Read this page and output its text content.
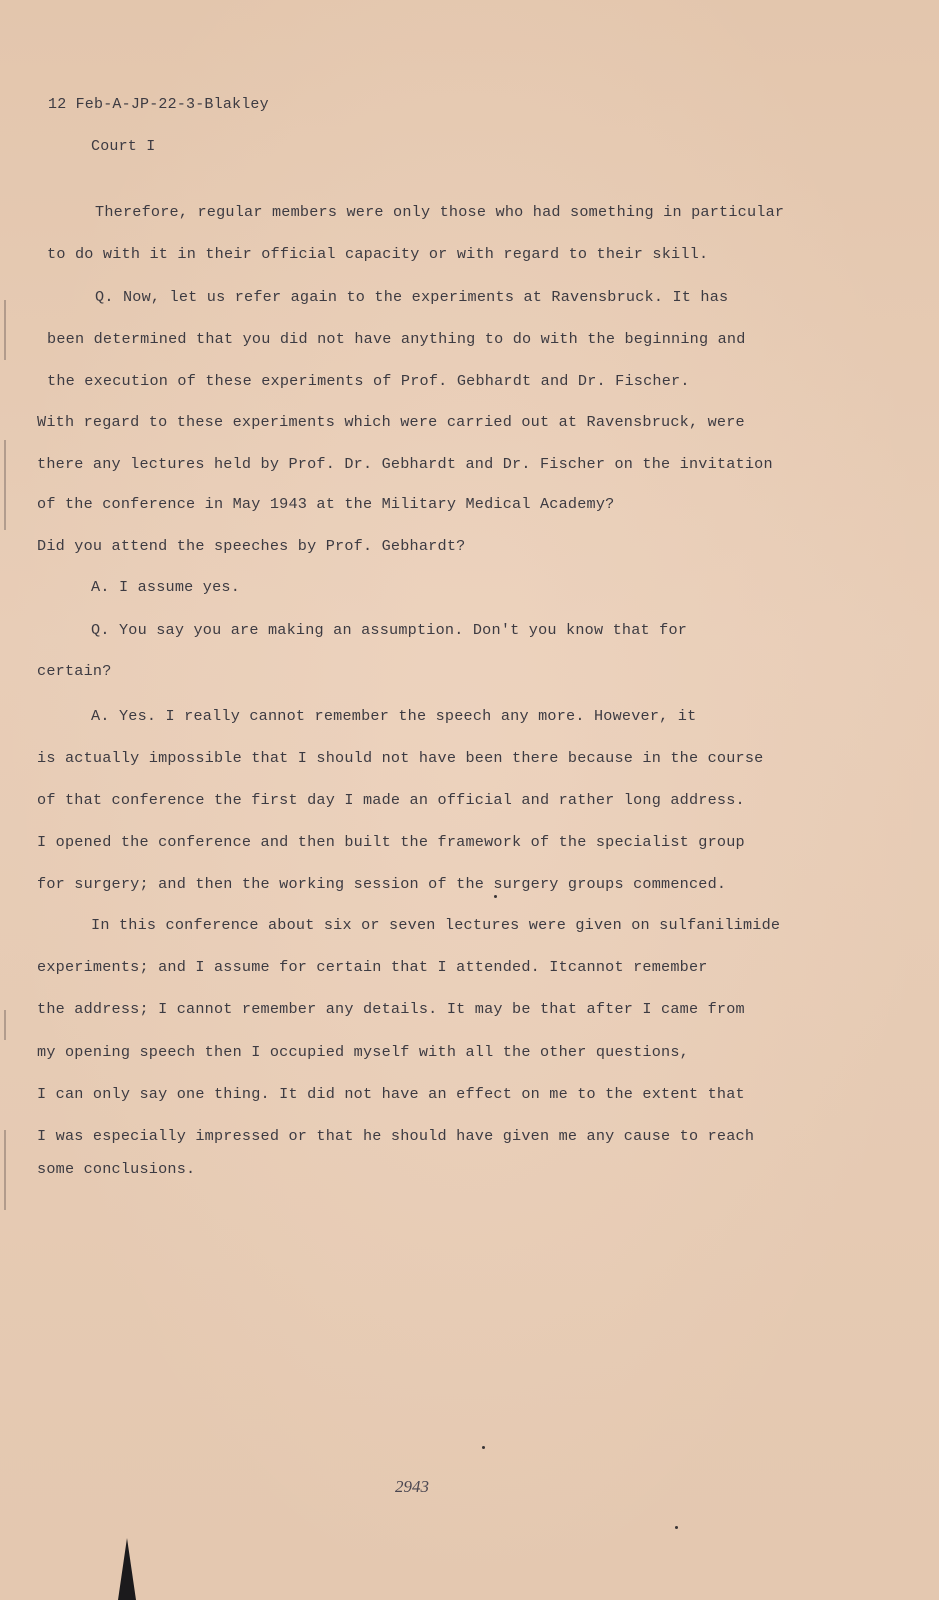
12 Feb-A-JP-22-3-Blakley
Court I
Therefore, regular members were only those who had something in particular
to do with it in their official capacity or with regard to their skill.
Q. Now, let us refer again to the experiments at Ravensbruck. It has
been determined that you did not have anything to do with the beginning and
the execution of these experiments of Prof. Gebhardt and Dr. Fischer.
With regard to these experiments which were carried out at Ravensbruck, were
there any lectures held by Prof. Dr. Gebhardt and Dr. Fischer on the invitation
of the conference in May 1943 at the Military Medical Academy?
Did you attend the speeches by Prof. Gebhardt?
A. I assume yes.
Q. You say you are making an assumption. Don't you know that for
certain?
A. Yes. I really cannot remember the speech any more. However, it
is actually impossible that I should not have been there because in the course
of that conference the first day I made an official and rather long address.
I opened the conference and then built the framework of the specialist group
for surgery; and then the working session of the surgery groups commenced.
In this conference about six or seven lectures were given on sulfanilimide
experiments; and I assume for certain that I attended. Itcannot remember
the address; I cannot remember any details. It may be that after I came from
my opening speech then I occupied myself with all the other questions,
I can only say one thing. It did not have an effect on me to the extent that
I was especially impressed or that he should have given me any cause to reach
some conclusions.
2943
